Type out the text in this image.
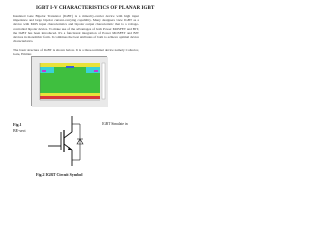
IGBT I-V CHARACTERISTICS OF PLANAR IGBT
Insulated Gate Bipolar Transistor (IGBT) is a minority-carrier device with high input impedance and large bipolar current-carrying capability. Many designers view IGBT as a device with MOS input characteristics and bipolar output characteristic that is a voltage-controlled bipolar device. To make use of the advantages of both Power MOSFET and BJT, the IGBT has been introduced. It's a functional integration of Power MOSFET and BJT devices in monolithic form. It combines the best attributes of both to achieve optimal device characteristics.
The basic structure of IGBT is shown below. It is a three-terminal device namely Collector, Gate, Emitter.
Fig.1
BE-sect
IGBT Simulate in
Fig.2 IGBT Circuit Symbol
